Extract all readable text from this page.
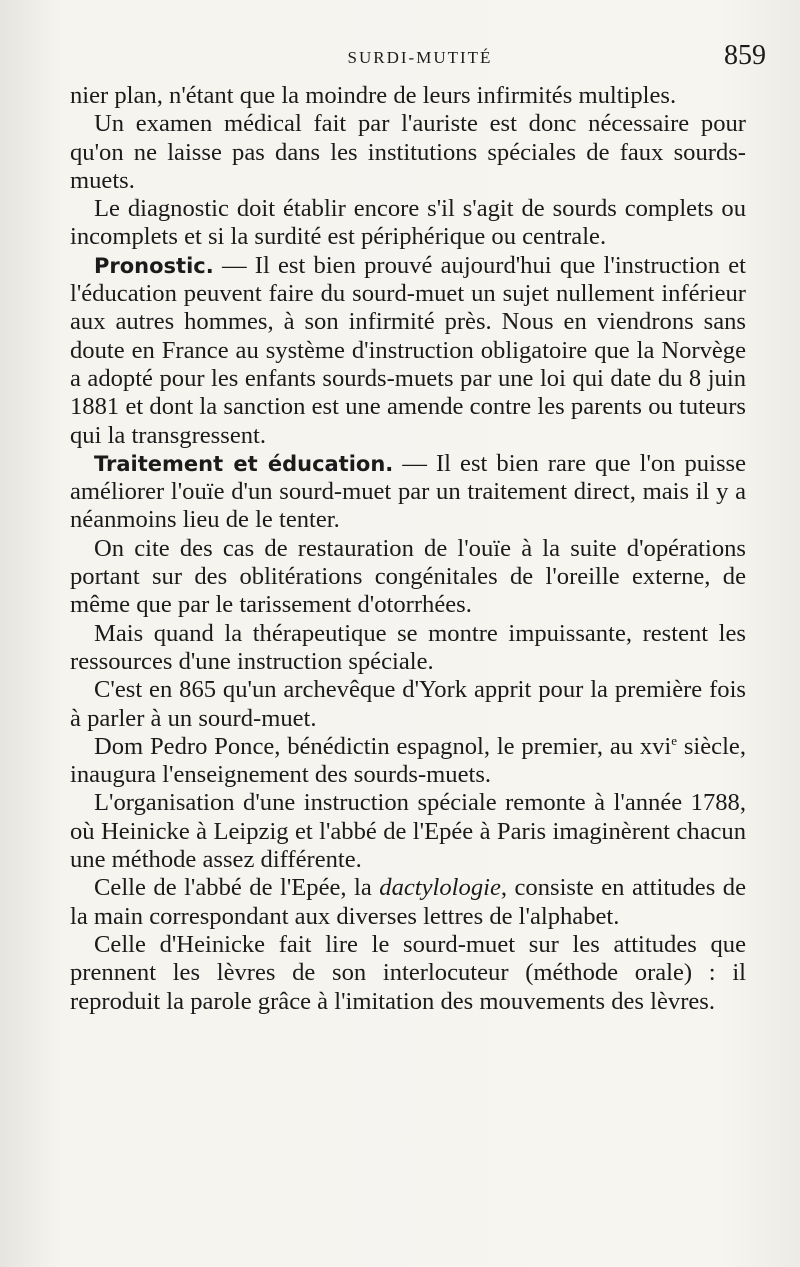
SURDI-MUTITÉ	859

nier plan, n'étant que la moindre de leurs infirmités multiples.

Un examen médical fait par l'auriste est donc nécessaire pour qu'on ne laisse pas dans les institutions spéciales de faux sourds-muets.

Le diagnostic doit établir encore s'il s'agit de sourds complets ou incomplets et si la surdité est périphérique ou centrale.

Pronostic. — Il est bien prouvé aujourd'hui que l'instruction et l'éducation peuvent faire du sourd-muet un sujet nullement inférieur aux autres hommes, à son infirmité près. Nous en viendrons sans doute en France au système d'instruction obligatoire que la Norvège a adopté pour les enfants sourds-muets par une loi qui date du 8 juin 1881 et dont la sanction est une amende contre les parents ou tuteurs qui la transgressent.

Traitement et éducation. — Il est bien rare que l'on puisse améliorer l'ouïe d'un sourd-muet par un traitement direct, mais il y a néanmoins lieu de le tenter.

On cite des cas de restauration de l'ouïe à la suite d'opérations portant sur des oblitérations congénitales de l'oreille externe, de même que par le tarissement d'otorrhées.

Mais quand la thérapeutique se montre impuissante, restent les ressources d'une instruction spéciale.

C'est en 865 qu'un archevêque d'York apprit pour la première fois à parler à un sourd-muet.

Dom Pedro Ponce, bénédictin espagnol, le premier, au xvi$^e$ siècle, inaugura l'enseignement des sourds-muets.

L'organisation d'une instruction spéciale remonte à l'année 1788, où Heinicke à Leipzig et l'abbé de l'Epée à Paris imaginèrent chacun une méthode assez différente.

Celle de l'abbé de l'Epée, la dactylologie, consiste en attitudes de la main correspondant aux diverses lettres de l'alphabet.

Celle d'Heinicke fait lire le sourd-muet sur les attitudes que prennent les lèvres de son interlocuteur (méthode orale) : il reproduit la parole grâce à l'imitation des mouvements des lèvres.
